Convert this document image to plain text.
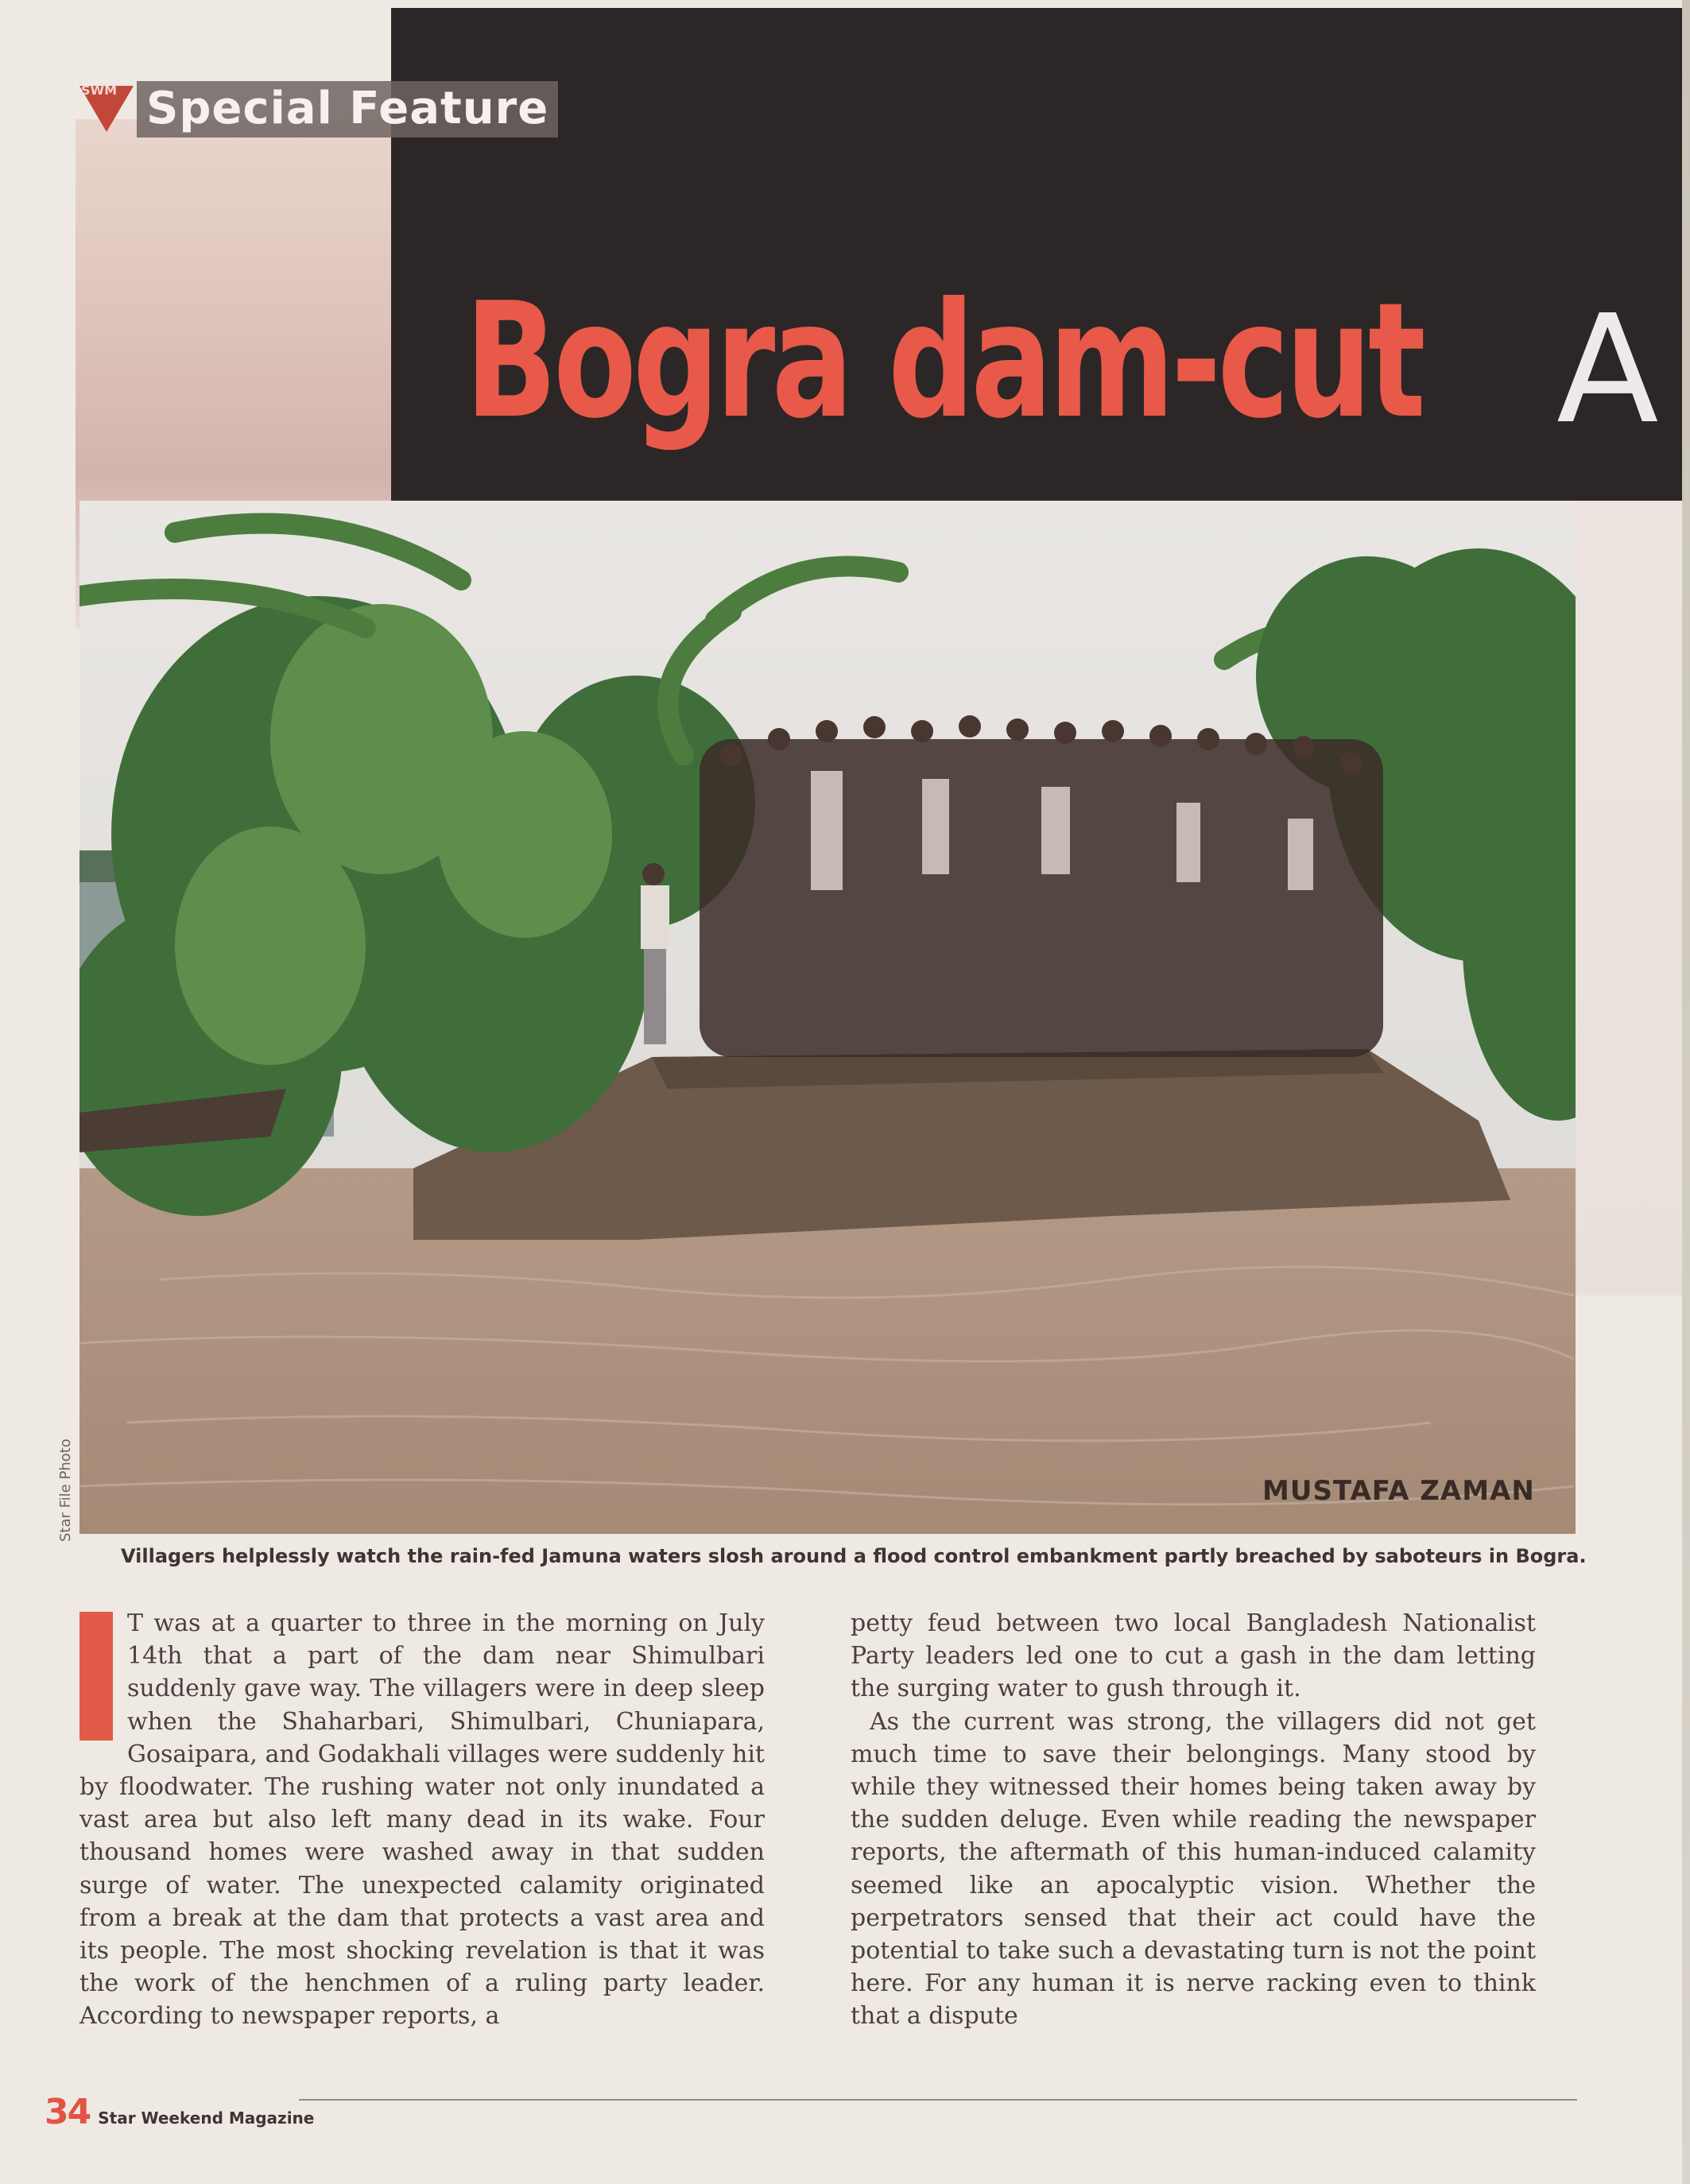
Special Feature
SWM
Bogra dam-cut A
MUSTAFA ZAMAN
Star File Photo
Villagers helplessly watch the rain-fed Jamuna waters slosh around a flood control embankment partly breached by saboteurs in Bogra.

T was at a quarter to three in the morning on July 14th that a part of the dam near Shimulbari suddenly gave way. The villagers were in deep sleep when the Shaharbari, Shimulbari, Chuniapara, Gosaipara, and Godakhali villages were suddenly hit by floodwater. The rushing water not only inundated a vast area but also left many dead in its wake. Four thousand homes were washed away in that sudden surge of water. The unexpected calamity originated from a break at the dam that protects a vast area and its people. The most shocking revelation is that it was the work of the henchmen of a ruling party leader. According to newspaper reports, a

petty feud between two local Bangladesh Nationalist Party leaders led one to cut a gash in the dam letting the surging water to gush through it.

As the current was strong, the villagers did not get much time to save their belongings. Many stood by while they witnessed their homes being taken away by the sudden deluge. Even while reading the newspaper reports, the aftermath of this human-induced calamity seemed like an apocalyptic vision. Whether the perpetrators sensed that their act could have the potential to take such a devastating turn is not the point here. For any human it is nerve racking even to think that a dispute

34 Star Weekend Magazine
